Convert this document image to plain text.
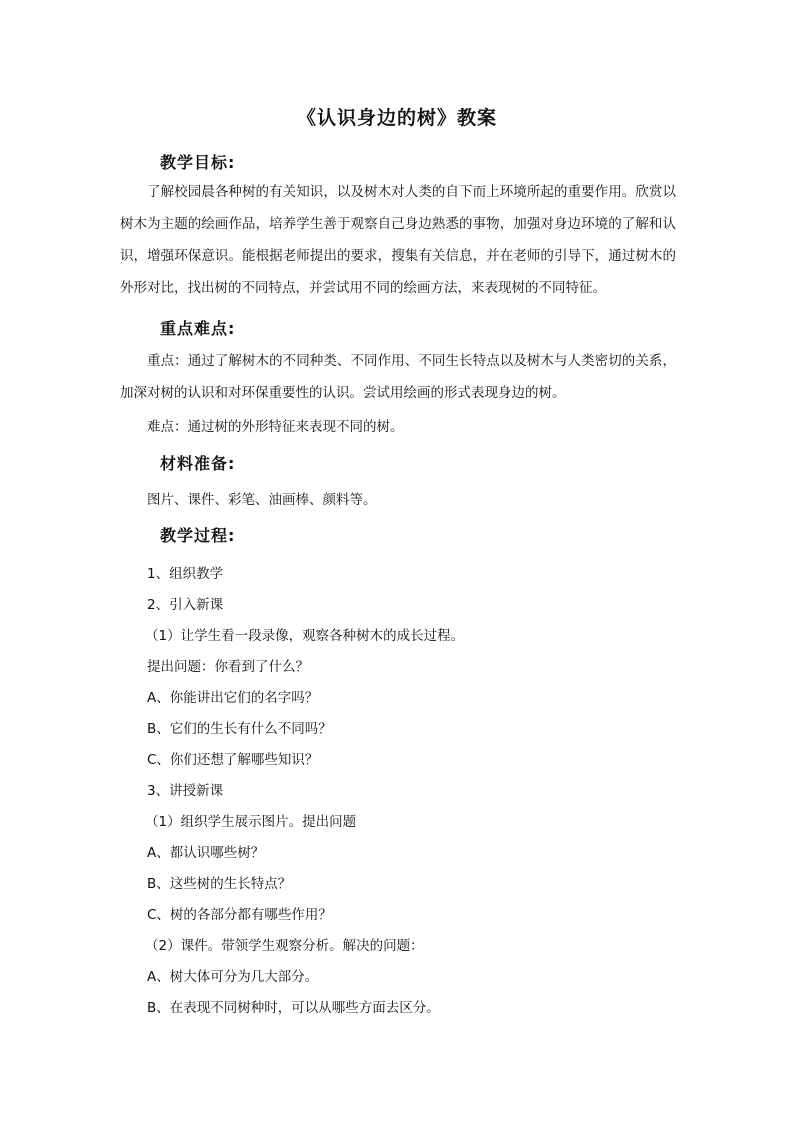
《认识身边的树》教案
教学目标:

了解校园晨各种树的有关知识，以及树木对人类的自下而上环境所起的重要作用。欣赏以树木为主题的绘画作品，培养学生善于观察自己身边熟悉的事物，加强对身边环境的了解和认识，增强环保意识。能根据老师提出的要求，搜集有关信息，并在老师的引导下，通过树木的外形对比，找出树的不同特点，并尝试用不同的绘画方法，来表现树的不同特征。

重点难点:

重点：通过了解树木的不同种类、不同作用、不同生长特点以及树木与人类密切的关系，加深对树的认识和对环保重要性的认识。尝试用绘画的形式表现身边的树。

难点：通过树的外形特征来表现不同的树。
材料准备:
图片、课件、彩笔、油画棒、颜料等。
教学过程:
1、组织教学
2、引入新课
（1）让学生看一段录像，观察各种树木的成长过程。
提出问题：你看到了什么？
A、你能讲出它们的名字吗？
B、它们的生长有什么不同吗？
C、你们还想了解哪些知识？
3、讲授新课
（1）组织学生展示图片。提出问题
A、都认识哪些树？
B、这些树的生长特点？
C、树的各部分都有哪些作用？
（2）课件。带领学生观察分析。解决的问题：
A、树大体可分为几大部分。
B、在表现不同树种时，可以从哪些方面去区分。
